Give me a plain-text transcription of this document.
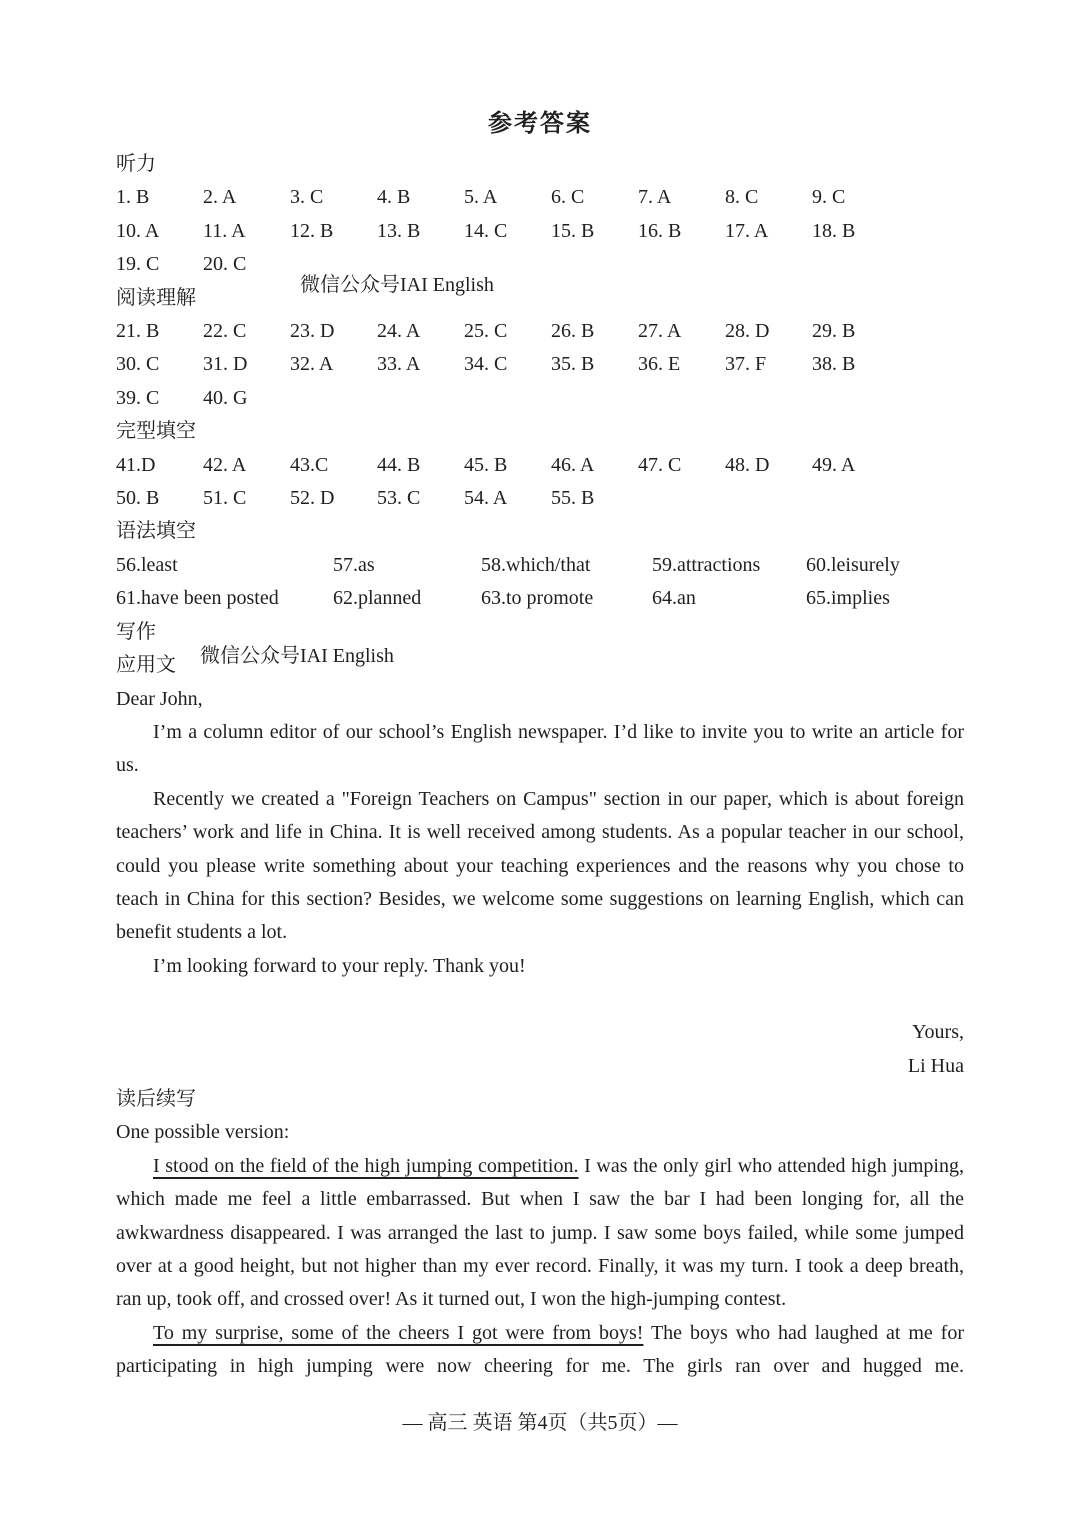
参考答案
听力
1. B	2. A	3. C	4. B	5. A	6. C	7. A	8. C	9. C
10. A	11. A	12. B	13. B	14. C	15. B	16. B	17. A	18. B
19. C	20. C
阅读理解微信公众号IAI English
21. B	22. C	23. D	24. A	25. C	26. B	27. A	28. D	29. B
30. C	31. D	32. A	33. A	34. C	35. B	36. E	37. F	38. B
39. C	40. G
完型填空
41.D	42. A	43.C	44. B	45. B	46. A	47. C	48. D	49. A
50. B	51. C	52. D	53. C	54. A	55. B
语法填空
56.least	57.as	58.which/that	59.attractions	60.leisurely
61.have been posted	62.planned	63.to promote	64.an	65.implies
写作
应用文 微信公众号IAI English
Dear John,
I’m a column editor of our school’s English newspaper. I’d like to invite you to write an article for us.
Recently we created a "Foreign Teachers on Campus" section in our paper, which is about foreign teachers’ work and life in China. It is well received among students. As a popular teacher in our school, could you please write something about your teaching experiences and the reasons why you chose to teach in China for this section? Besides, we welcome some suggestions on learning English, which can benefit students a lot.
I’m looking forward to your reply. Thank you!
Yours,
Li Hua
读后续写
One possible version:
I stood on the field of the high jumping competition. I was the only girl who attended high jumping, which made me feel a little embarrassed. But when I saw the bar I had been longing for, all the awkwardness disappeared. I was arranged the last to jump. I saw some boys failed, while some jumped over at a good height, but not higher than my ever record. Finally, it was my turn. I took a deep breath, ran up, took off, and crossed over! As it turned out, I won the high-jumping contest.
To my surprise, some of the cheers I got were from boys! The boys who had laughed at me for participating in high jumping were now cheering for me. The girls ran over and hugged me.
— 高三 英语 第4页（共5页）—
